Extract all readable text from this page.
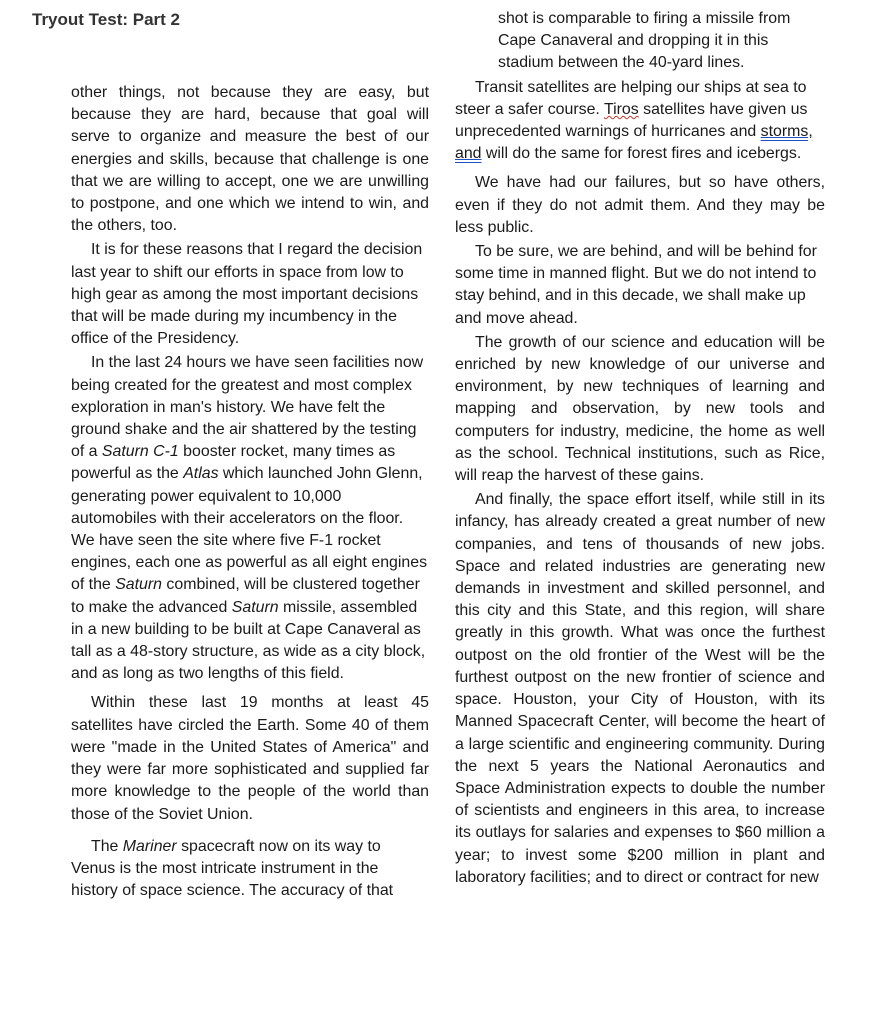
Tryout Test: Part 2

other things, not because they are easy, but because they are hard, because that goal will serve to organize and measure the best of our energies and skills, because that challenge is one that we are willing to accept, one we are unwilling to postpone, and one which we intend to win, and the others, too.

It is for these reasons that I regard the decision last year to shift our efforts in space from low to high gear as among the most important decisions that will be made during my incumbency in the office of the Presidency.

In the last 24 hours we have seen facilities now being created for the greatest and most complex exploration in man's history. We have felt the ground shake and the air shattered by the testing of a Saturn C-1 booster rocket, many times as powerful as the Atlas which launched John Glenn, generating power equivalent to 10,000 automobiles with their accelerators on the floor. We have seen the site where five F-1 rocket engines, each one as powerful as all eight engines of the Saturn combined, will be clustered together to make the advanced Saturn missile, assembled in a new building to be built at Cape Canaveral as tall as a 48-story structure, as wide as a city block, and as long as two lengths of this field.

Within these last 19 months at least 45 satellites have circled the Earth. Some 40 of them were "made in the United States of America" and they were far more sophisticated and supplied far more knowledge to the people of the world than those of the Soviet Union.

The Mariner spacecraft now on its way to Venus is the most intricate instrument in the history of space science. The accuracy of that

shot is comparable to firing a missile from Cape Canaveral and dropping it in this stadium between the 40-yard lines.

Transit satellites are helping our ships at sea to steer a safer course. Tiros satellites have given us unprecedented warnings of hurricanes and storms, and will do the same for forest fires and icebergs.

We have had our failures, but so have others, even if they do not admit them. And they may be less public.

To be sure, we are behind, and will be behind for some time in manned flight. But we do not intend to stay behind, and in this decade, we shall make up and move ahead.

The growth of our science and education will be enriched by new knowledge of our universe and environment, by new techniques of learning and mapping and observation, by new tools and computers for industry, medicine, the home as well as the school. Technical institutions, such as Rice, will reap the harvest of these gains.

And finally, the space effort itself, while still in its infancy, has already created a great number of new companies, and tens of thousands of new jobs. Space and related industries are generating new demands in investment and skilled personnel, and this city and this State, and this region, will share greatly in this growth. What was once the furthest outpost on the old frontier of the West will be the furthest outpost on the new frontier of science and space. Houston, your City of Houston, with its Manned Spacecraft Center, will become the heart of a large scientific and engineering community. During the next 5 years the National Aeronautics and Space Administration expects to double the number of scientists and engineers in this area, to increase its outlays for salaries and expenses to $60 million a year; to invest some $200 million in plant and laboratory facilities; and to direct or contract for new
